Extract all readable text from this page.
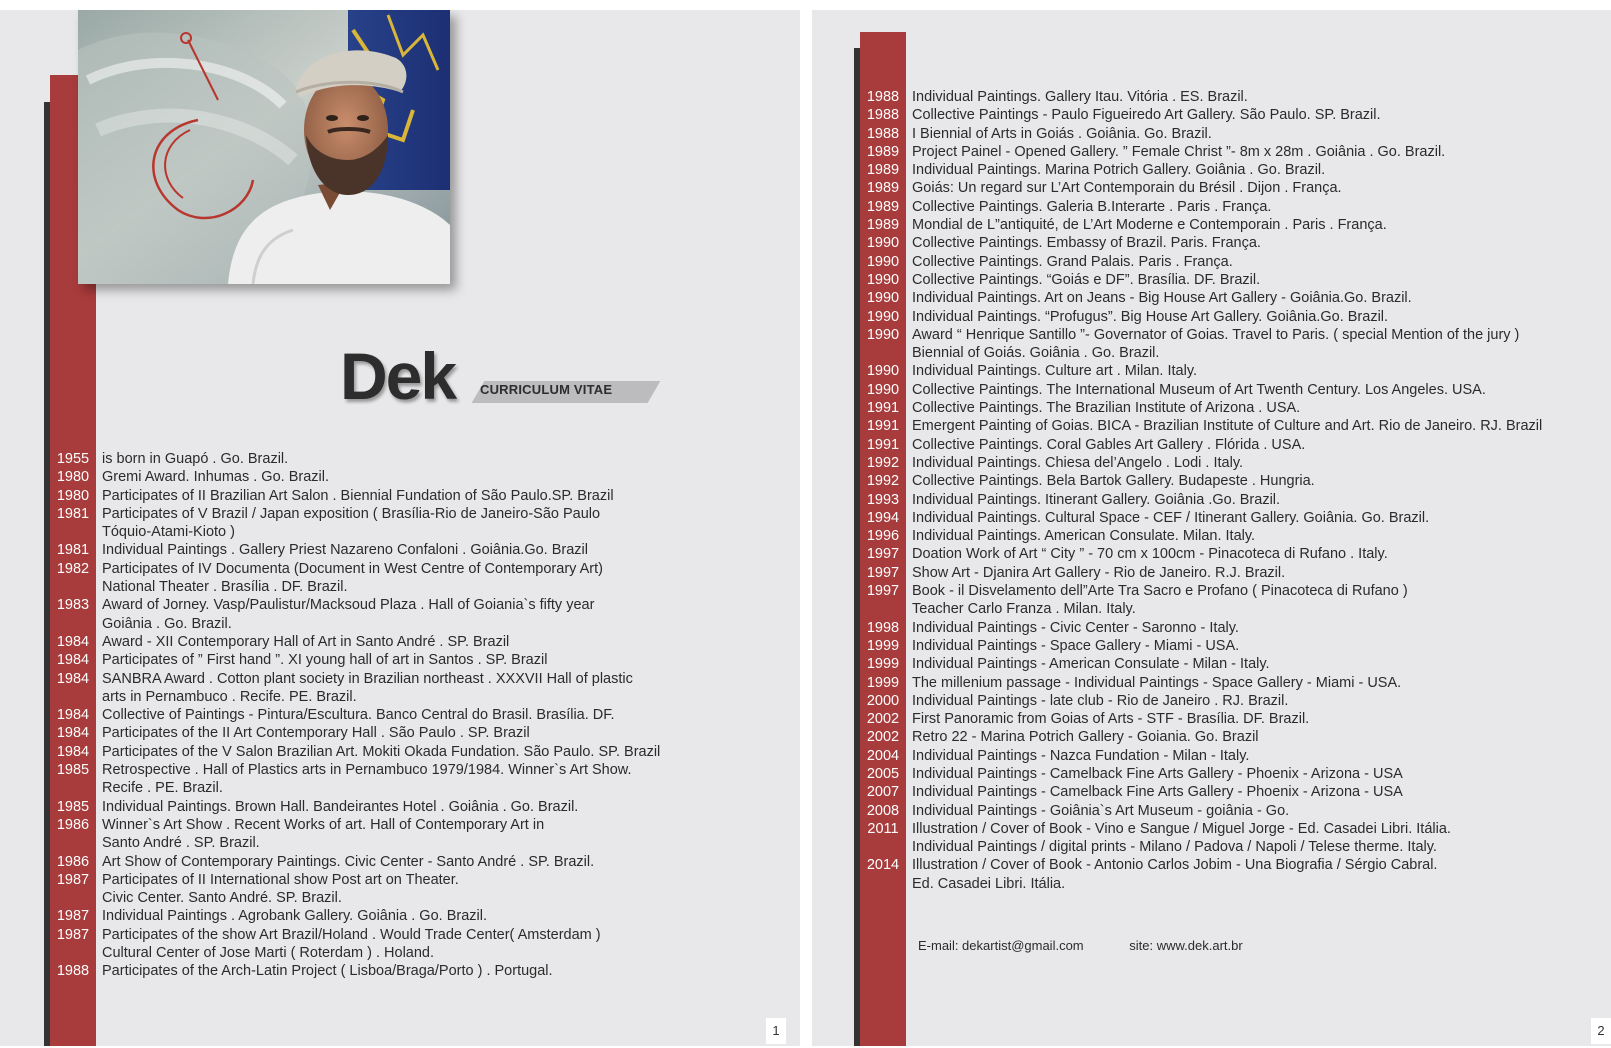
Dek CURRICULUM VITAE
1955 is born in Guapó . Go. Brazil.
1980 Gremi Award. Inhumas . Go. Brazil.
1980 Participates of II Brazilian Art Salon . Biennial Fundation of São Paulo.SP. Brazil
1981 Participates of V Brazil / Japan exposition ( Brasília-Rio de Janeiro-São Paulo
Tóquio-Atami-Kioto )
1981 Individual Paintings . Gallery Priest Nazareno Confaloni . Goiânia.Go. Brazil
1982 Participates of IV Documenta (Document in West Centre of Contemporary Art)
National Theater . Brasília . DF. Brazil.
1983 Award of Jorney. Vasp/Paulistur/Macksoud Plaza . Hall of Goiania`s fifty year
Goiânia . Go. Brazil.
1984 Award - XII Contemporary Hall of Art in Santo André . SP. Brazil
1984 Participates of ” First hand ”. XI young hall of art in Santos . SP. Brazil
1984 SANBRA Award . Cotton plant society in Brazilian northeast . XXXVII Hall of plastic
arts in Pernambuco . Recife. PE. Brazil.
1984 Collective of Paintings - Pintura/Escultura. Banco Central do Brasil. Brasília. DF.
1984 Participates of the II Art Contemporary Hall . São Paulo . SP. Brazil
1984 Participates of the V Salon Brazilian Art. Mokiti Okada Fundation. São Paulo. SP. Brazil
1985 Retrospective . Hall of Plastics arts in Pernambuco 1979/1984. Winner`s Art Show.
Recife . PE. Brazil.
1985 Individual Paintings. Brown Hall. Bandeirantes Hotel . Goiânia . Go. Brazil.
1986 Winner`s Art Show . Recent Works of art. Hall of Contemporary Art in
Santo André . SP. Brazil.
1986 Art Show of Contemporary Paintings. Civic Center - Santo André . SP. Brazil.
1987 Participates of II International show Post art on Theater.
Civic Center. Santo André. SP. Brazil.
1987 Individual Paintings . Agrobank Gallery. Goiânia . Go. Brazil.
1987 Participates of the show Art Brazil/Holand . Would Trade Center( Amsterdam )
Cultural Center of Jose Marti ( Roterdam ) . Holand.
1988 Participates of the Arch-Latin Project ( Lisboa/Braga/Porto ) . Portugal.
1
1988 Individual Paintings. Gallery Itau. Vitória . ES. Brazil.
1988 Collective Paintings - Paulo Figueiredo Art Gallery. São Paulo. SP. Brazil.
1988 I Biennial of Arts in Goiás . Goiânia. Go. Brazil.
1989 Project Painel - Opened Gallery. ” Female Christ ”- 8m x 28m . Goiânia . Go. Brazil.
1989 Individual Paintings. Marina Potrich Gallery. Goiânia . Go. Brazil.
1989 Goiás: Un regard sur L’Art Contemporain du Brésil . Dijon . França.
1989 Collective Paintings. Galeria B.Interarte . Paris . França.
1989 Mondial de L”antiquité, de L’Art Moderne e Contemporain . Paris . França.
1990 Collective Paintings. Embassy of Brazil. Paris. França.
1990 Collective Paintings. Grand Palais. Paris . França.
1990 Collective Paintings. “Goiás e DF”. Brasília. DF. Brazil.
1990 Individual Paintings. Art on Jeans - Big House Art Gallery - Goiânia.Go. Brazil.
1990 Individual Paintings. “Profugus”. Big House Art Gallery. Goiânia.Go. Brazil.
1990 Award “ Henrique Santillo ”- Governator of Goias. Travel to Paris. ( special Mention of the jury )
Biennial of Goiás. Goiânia . Go. Brazil.
1990 Individual Paintings. Culture art . Milan. Italy.
1990 Collective Paintings. The International Museum of Art Twenth Century. Los Angeles. USA.
1991 Collective Paintings. The Brazilian Institute of Arizona . USA.
1991 Emergent Painting of Goias. BICA - Brazilian Institute of Culture and Art. Rio de Janeiro. RJ. Brazil
1991 Collective Paintings. Coral Gables Art Gallery . Flórida . USA.
1992 Individual Paintings. Chiesa del’Angelo . Lodi . Italy.
1992 Collective Paintings. Bela Bartok Gallery. Budapeste . Hungria.
1993 Individual Paintings. Itinerant Gallery. Goiânia .Go. Brazil.
1994 Individual Paintings. Cultural Space - CEF / Itinerant Gallery. Goiânia. Go. Brazil.
1996 Individual Paintings. American Consulate. Milan. Italy.
1997 Doation Work of Art “ City ” - 70 cm x 100cm - Pinacoteca di Rufano . Italy.
1997 Show Art - Djanira Art Gallery - Rio de Janeiro. R.J. Brazil.
1997 Book - il Disvelamento dell”Arte Tra Sacro e Profano ( Pinacoteca di Rufano )
Teacher Carlo Franza . Milan. Italy.
1998 Individual Paintings - Civic Center - Saronno - Italy.
1999 Individual Paintings - Space Gallery - Miami - USA.
1999 Individual Paintings - American Consulate - Milan - Italy.
1999 The millenium passage - Individual Paintings - Space Gallery - Miami - USA.
2000 Individual Paintings - late club - Rio de Janeiro . RJ. Brazil.
2002 First Panoramic from Goias of Arts - STF - Brasília. DF. Brazil.
2002 Retro 22 - Marina Potrich Gallery - Goiania. Go. Brazil
2004 Individual Paintings - Nazca Fundation - Milan - Italy.
2005 Individual Paintings - Camelback Fine Arts Gallery - Phoenix - Arizona - USA
2007 Individual Paintings - Camelback Fine Arts Gallery - Phoenix - Arizona - USA
2008 Individual Paintings - Goiânia`s Art Museum - goiânia - Go.
2011 Illustration / Cover of Book - Vino e Sangue / Miguel Jorge - Ed. Casadei Libri. Itália.
Individual Paintings / digital prints - Milano / Padova / Napoli / Telese therme. Italy.
2014 Illustration / Cover of Book - Antonio Carlos Jobim - Una Biografia / Sérgio Cabral.
Ed. Casadei Libri. Itália.
E-mail: dekartist@gmail.com	site: www.dek.art.br
2
